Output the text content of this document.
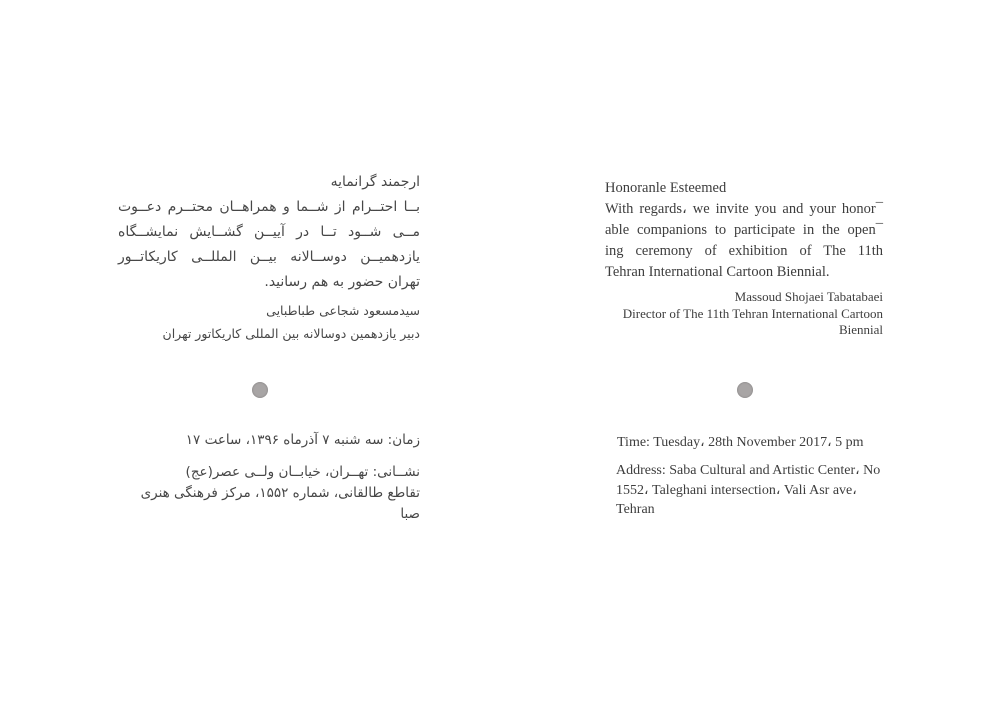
ارجمند گرانمایه
بــا احتــرام از شــما و همراهــان محتــرم دعــوت
مــی شــود تــا در آییــن گشــایش نمایشــگاه
یازدهمیــن دوســالانه بیــن المللــی کاریکاتــور
تهران حضور به هم رسانید.
سیدمسعود شجاعی طباطبایی
دبیر یازدهمین دوسالانه بین المللی کاریکاتور تهران
زمان: سه شنبه ۷ آذرماه ۱۳۹۶، ساعت ۱۷
نشــانی: تهــران، خیابــان ولــی عصر(عج)
تقاطع طالقانی، شماره ۱۵۵۲، مرکز فرهنگی هنری
صبا
Honoranle Esteemed
With regards، we invite you and your honor¯
able companions to participate in the open¯
ing ceremony of exhibition of The 11th
Tehran International Cartoon Biennial.
Massoud Shojaei Tabatabaei
Director of The 11th Tehran International Cartoon
Biennial
Time: Tuesday، 28th November 2017، 5 pm
Address: Saba Cultural and Artistic Center، No
1552، Taleghani intersection، Vali Asr ave،
Tehran
